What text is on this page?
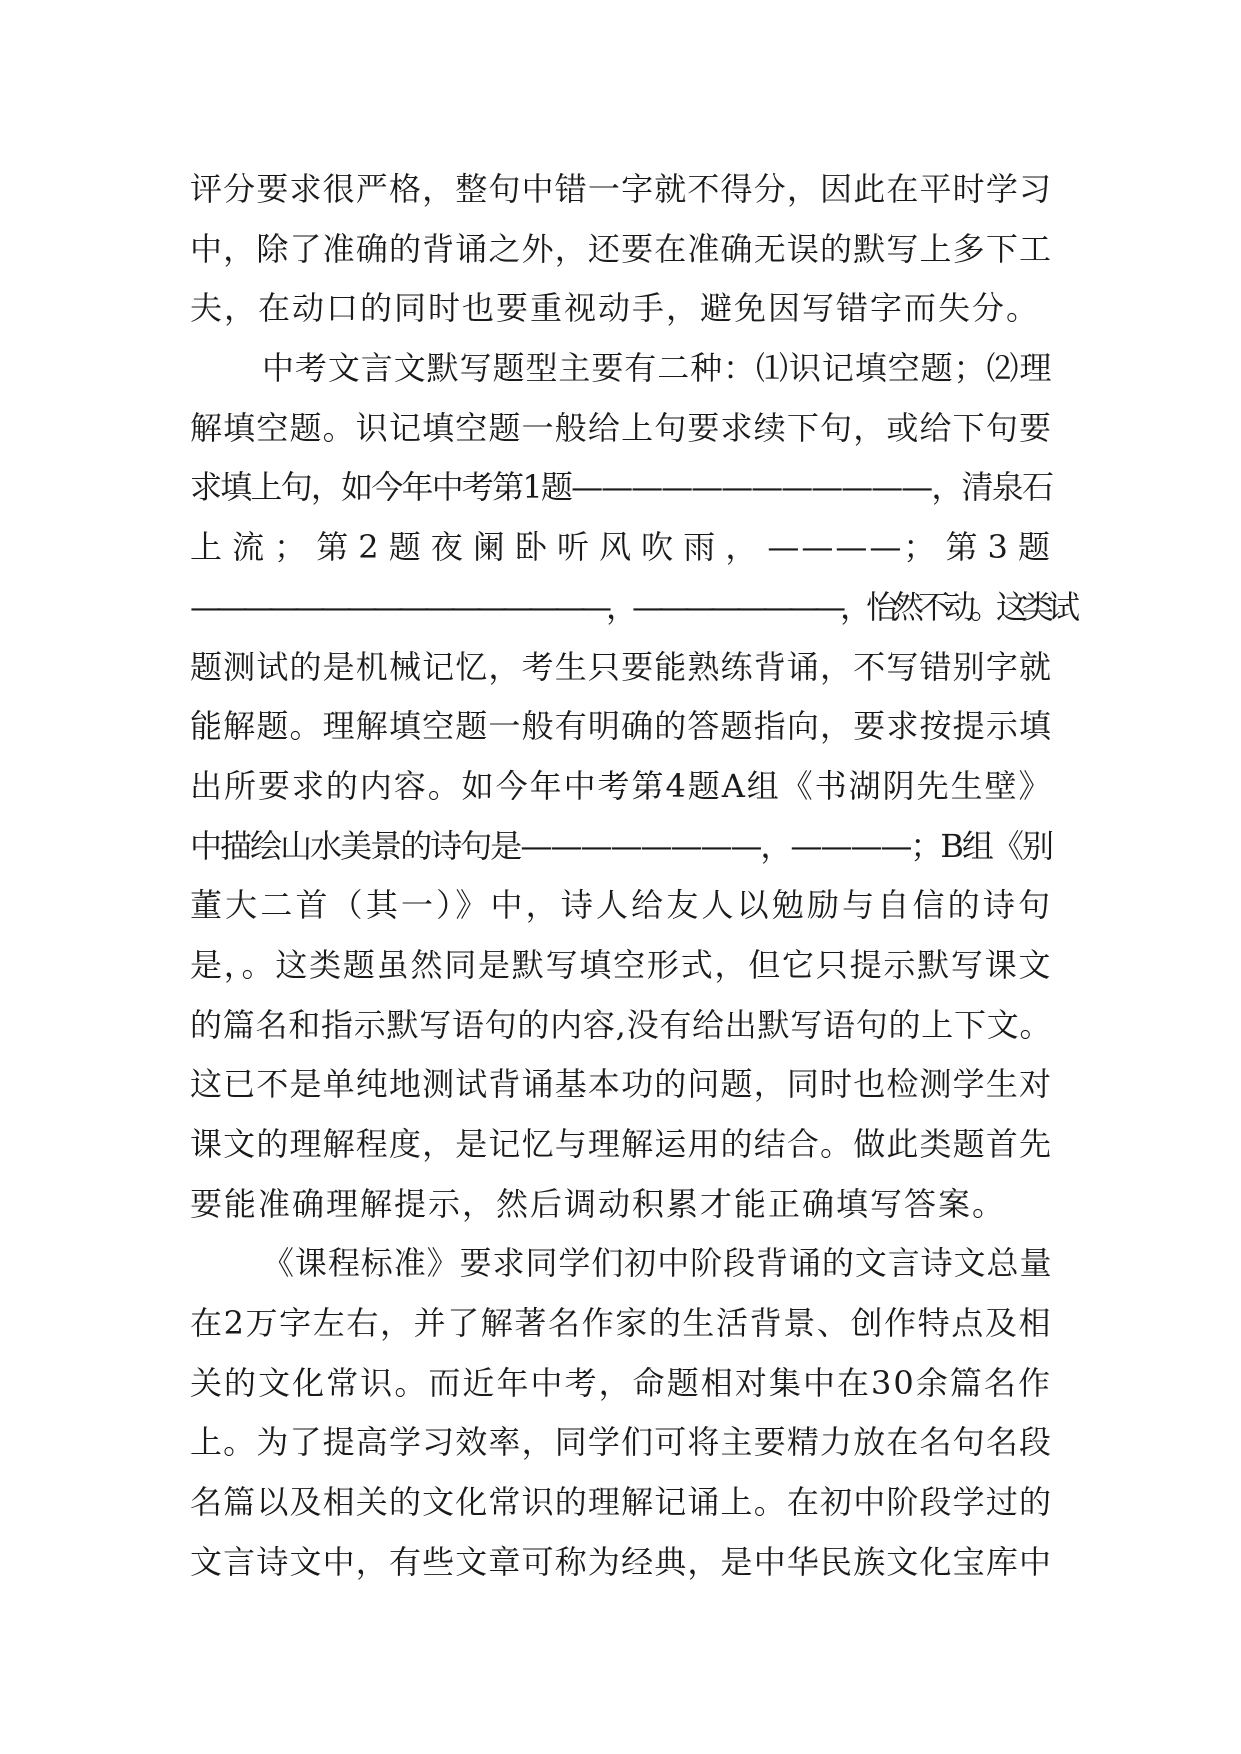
评分要求很严格，整句中错一字就不得分，因此在平时学习
中，除了准确的背诵之外，还要在准确无误的默写上多下工
夫，在动口的同时也要重视动手，避免因写错字而失分。
中考文言文默写题型主要有二种：⑴识记填空题；⑵理
解填空题。识记填空题一般给上句要求续下句，或给下句要
求填上句，如今年中考第1题————————————，清泉石
上流；第2题夜阑卧听风吹雨，————；第3题
————————————————，————————，怡然不动。这类试
题测试的是机械记忆，考生只要能熟练背诵，不写错别字就
能解题。理解填空题一般有明确的答题指向，要求按提示填
出所要求的内容。如今年中考第4题A组《书湖阴先生壁》
中描绘山水美景的诗句是————————，————；B组《别
董大二首（其一）》中，诗人给友人以勉励与自信的诗句
是，。这类题虽然同是默写填空形式，但它只提示默写课文
的篇名和指示默写语句的内容,没有给出默写语句的上下文。
这已不是单纯地测试背诵基本功的问题，同时也检测学生对
课文的理解程度，是记忆与理解运用的结合。做此类题首先
要能准确理解提示，然后调动积累才能正确填写答案。
《课程标准》要求同学们初中阶段背诵的文言诗文总量
在2万字左右，并了解著名作家的生活背景、创作特点及相
关的文化常识。而近年中考，命题相对集中在30余篇名作
上。为了提高学习效率，同学们可将主要精力放在名句名段
名篇以及相关的文化常识的理解记诵上。在初中阶段学过的
文言诗文中，有些文章可称为经典，是中华民族文化宝库中
